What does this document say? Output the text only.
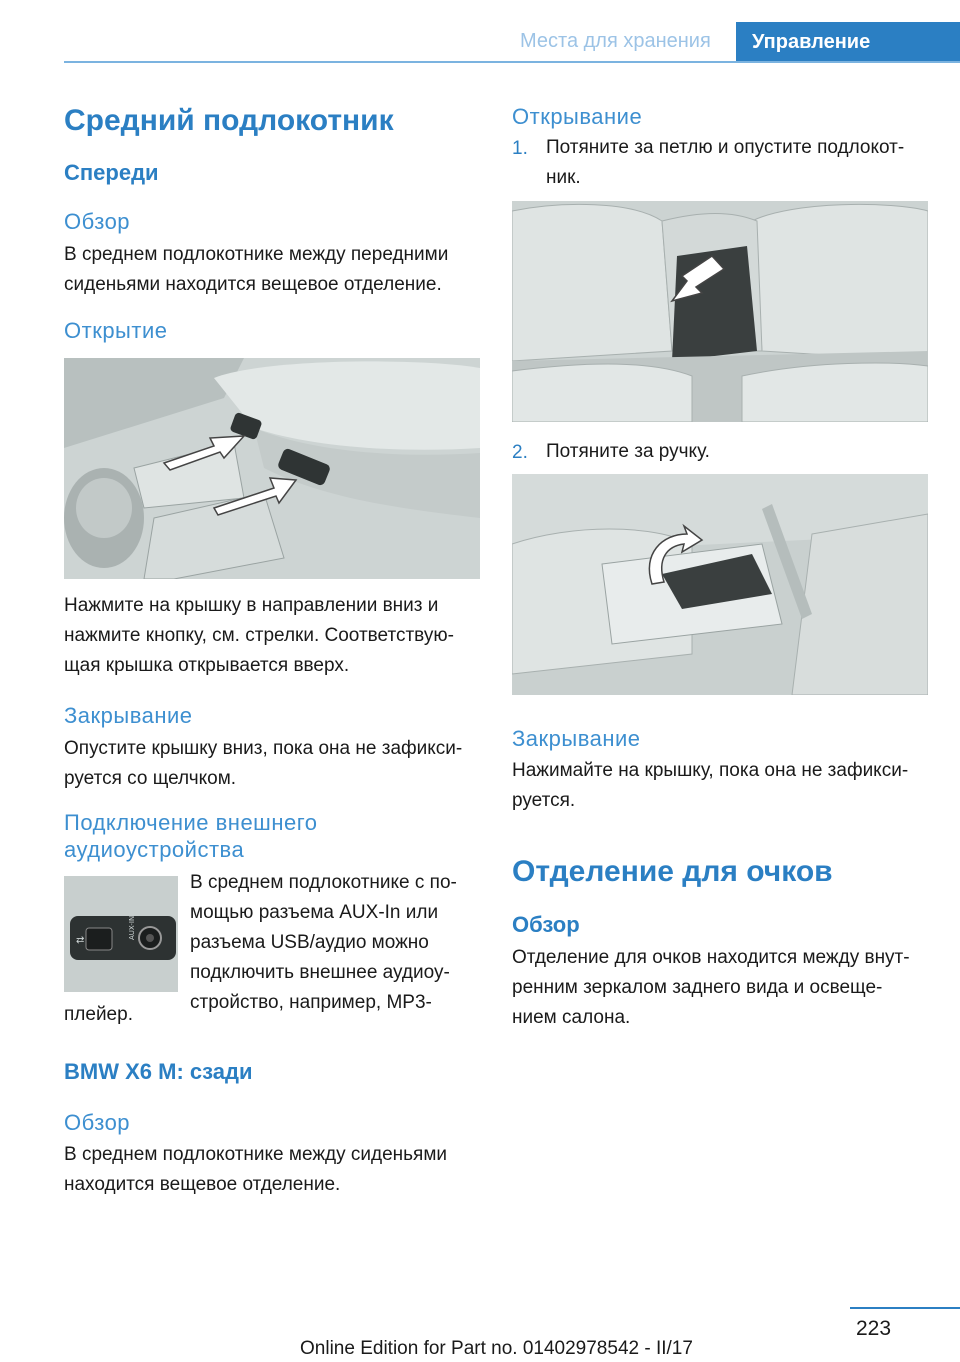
Места для хранения	Управление
Средний подлокотник
Спереди
Обзор
В среднем подлокотнике между передними
сиденьями находится вещевое отделение.
Открытие
Нажмите на крышку в направлении вниз и
нажмите кнопку, см. стрелки. Соответствую‐
щая крышка открывается вверх.
Закрывание
Опустите крышку вниз, пока она не зафикси‐
руется со щелчком.
Подключение внешнего
аудиоустройства
⇄
AUX-IN
В среднем подлокотнике с по‐
мощью разъема AUX-In или
разъема USB/аудио можно
подключить внешнее аудиоу‐
стройство, например, MP3-
плейер.
BMW X6 M: сзади
Обзор
В среднем подлокотнике между сиденьями
находится вещевое отделение.
Открывание
1. Потяните за петлю и опустите подлокот‐
ник.
2. Потяните за ручку.
Закрывание
Нажимайте на крышку, пока она не зафикси‐
руется.
Отделение для очков
Обзор
Отделение для очков находится между внут‐
ренним зеркалом заднего вида и освеще‐
нием салона.
223
Online Edition for Part no. 01402978542 - II/17
